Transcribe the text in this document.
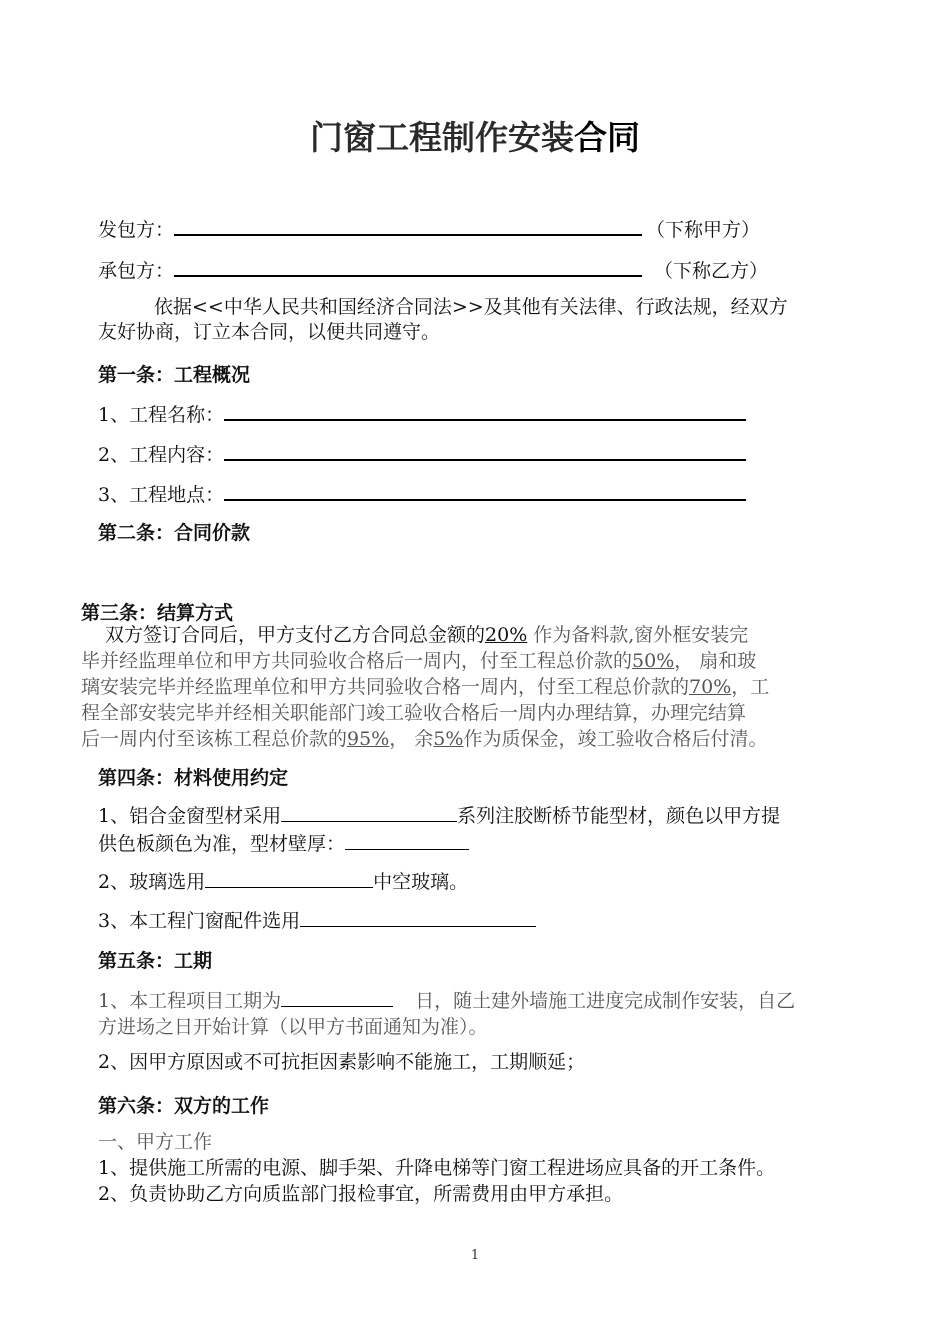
门窗工程制作安装合同
发包方：	（下称甲方）
承包方：	（下称乙方）
依据<<中华人民共和国经济合同法>>及其他有关法律、行政法规，经双方
友好协商，订立本合同，以便共同遵守。
第一条：工程概况
1、工程名称：
2、工程内容：
3、工程地点：
第二条：合同价款
第三条：结算方式
双方签订合同后，甲方支付乙方合同总金额的20% 作为备料款,窗外框安装完
毕并经监理单位和甲方共同验收合格后一周内，付至工程总价款的50%， 扇和玻
璃安装完毕并经监理单位和甲方共同验收合格一周内，付至工程总价款的70%，工
程全部安装完毕并经相关职能部门竣工验收合格后一周内办理结算，办理完结算
后一周内付至该栋工程总价款的95%， 余5%作为质保金，竣工验收合格后付清。
第四条：材料使用约定
1、铝合金窗型材采用	系列注胶断桥节能型材，颜色以甲方提
供色板颜色为准，型材壁厚：
2、玻璃选用	中空玻璃。
3、本工程门窗配件选用
第五条：工期
1、本工程项目工期为	日，随土建外墙施工进度完成制作安装，自乙
方进场之日开始计算（以甲方书面通知为准）。
2、因甲方原因或不可抗拒因素影响不能施工，工期顺延；
第六条：双方的工作
一、甲方工作
1、提供施工所需的电源、脚手架、升降电梯等门窗工程进场应具备的开工条件。
2、负责协助乙方向质监部门报检事宜，所需费用由甲方承担。
1
